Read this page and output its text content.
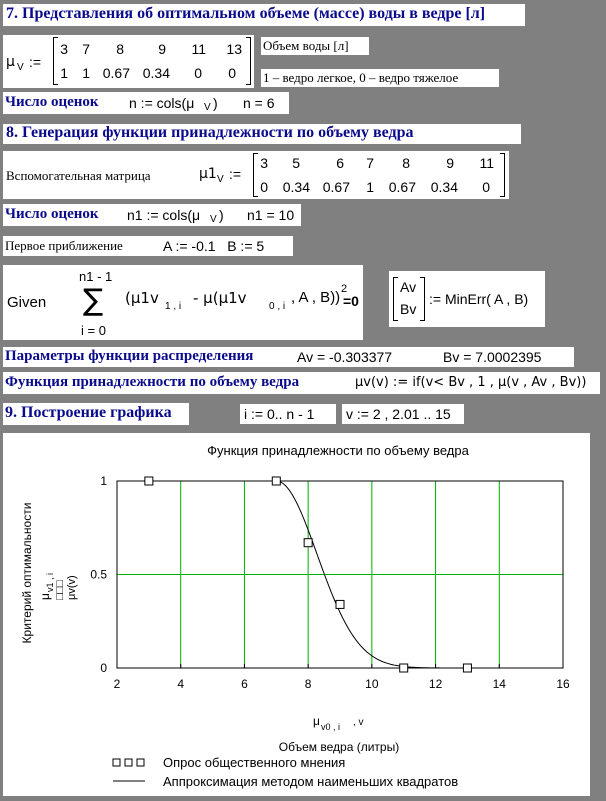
7. Представления об оптимальном объеме (массе) воды в ведре [л]
μ V :=
3 7	8	9 11	13
1 1 0.67 0.34	0	0
Объем воды [л]
1 – ведро легкое, 0 – ведро тяжелое
Число оценок n := cols(μ V ) n = 6
8. Генерация функции принадлежности по объему ведра
Вспомогательная матрица	μ1 V :=
3	5	6	7	8	9	11
0	0.34 0.67	1	0.67	0.34	0
Число оценок n1 := cols(μ V ) n1 = 10
Первое приближение	A := -0.1   B := 5
Given
n1 - 1
∑
i = 0
(μ1v 1 , i - μ(μ1v 0 , i
, A , B)) 2
=0
Av
Bv
:= MinErr( A , B)
Параметры функции распределения	Av = -0.303377	Bv = 7.0002395
Функция принадлежности по объему ведра	μv(v) := if(v< Bv , 1 , μ(v , Av , Bv))
9. Построение графика	i := 0.. n - 1 v := 2 , 2.01 .. 15
Функция принадлежности по объему ведра
2	4	6	8	10	12	14	16
0
0.5
1
Критерий оптимальности μ
v1 , i □□□ μv(v)
μ v0 , i , v
Объем ведра (литры)
Опрос общественного мнения
Аппроксимация методом наименьших квадратов
